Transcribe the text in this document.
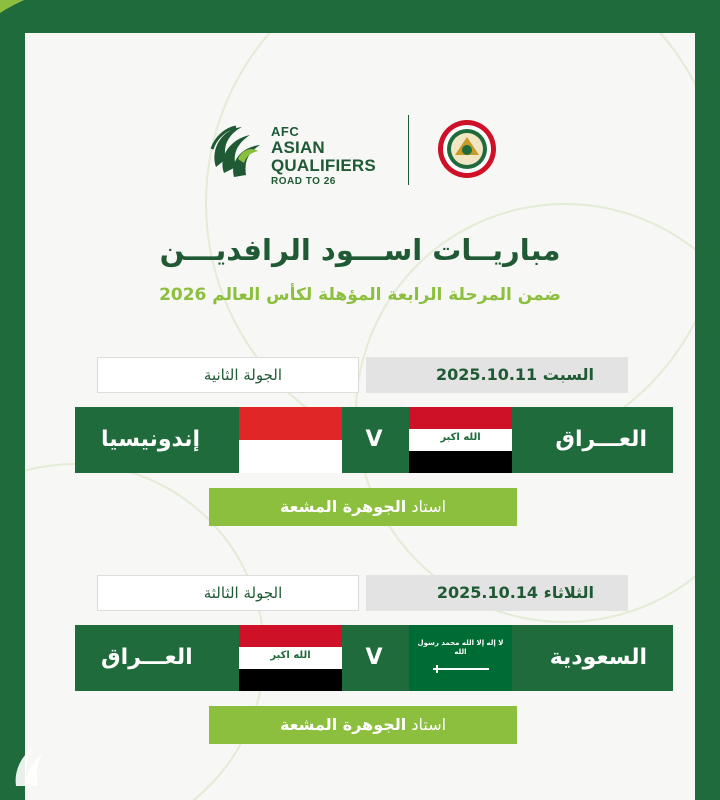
AFC
ASIAN
QUALIFIERS
ROAD TO 26
مباريــات اســـود الرافديـــن
ضمن المرحلة الرابعة المؤهلة لكأس العالم 2026
الجولة الثانية	السبت 2025.10.11
العـــراق
الله اكبر
V
إندونيسيا
استاد الجوهرة المشعة
الجولة الثالثة	الثلاثاء 2025.10.14
السعودية
لا إله إلا الله محمد رسول الله
V
الله اكبر
العـــراق
استاد الجوهرة المشعة
